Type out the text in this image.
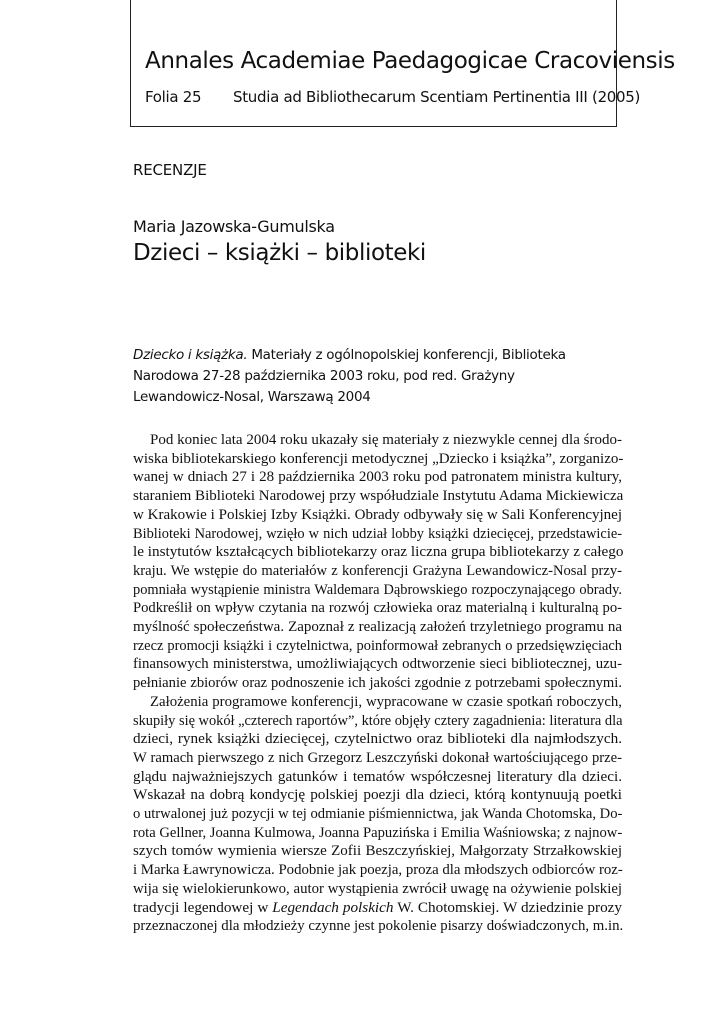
Annales Academiae Paedagogicae Cracoviensis
Folia 25 Studia ad Bibliothecarum Scentiam Pertinentia III (2005)
RECENZJE
Maria Jazowska-Gumulska
Dzieci – książki – biblioteki
Dziecko i książka. Materiały z ogólnopolskiej konferencji, Biblioteka Narodowa 27-28 października 2003 roku, pod red. Grażyny Lewandowicz-Nosal, Warszawą 2004
Pod koniec lata 2004 roku ukazały się materiały z niezwykle cennej dla środo-
wiska bibliotekarskiego konferencji metodycznej „Dziecko i książka”, zorganizo-
wanej w dniach 27 i 28 października 2003 roku pod patronatem ministra kultury,
staraniem Biblioteki Narodowej przy współudziale Instytutu Adama Mickiewicza
w Krakowie i Polskiej Izby Książki. Obrady odbywały się w Sali Konferencyjnej
Biblioteki Narodowej, wzięło w nich udział lobby książki dziecięcej, przedstawicie-
le instytutów kształcących bibliotekarzy oraz liczna grupa bibliotekarzy z całego
kraju. We wstępie do materiałów z konferencji Grażyna Lewandowicz-Nosal przy-
pomniała wystąpienie ministra Waldemara Dąbrowskiego rozpoczynającego obrady.
Podkreślił on wpływ czytania na rozwój człowieka oraz materialną i kulturalną po-
myślność społeczeństwa. Zapoznał z realizacją założeń trzyletniego programu na
rzecz promocji książki i czytelnictwa, poinformował zebranych o przedsięwzięciach
finansowych ministerstwa, umożliwiających odtworzenie sieci bibliotecznej, uzu-
pełnianie zbiorów oraz podnoszenie ich jakości zgodnie z potrzebami społecznymi.
Założenia programowe konferencji, wypracowane w czasie spotkań roboczych,
skupiły się wokół „czterech raportów”, które objęły cztery zagadnienia: literatura dla
dzieci, rynek książki dziecięcej, czytelnictwo oraz biblioteki dla najmłodszych.
W ramach pierwszego z nich Grzegorz Leszczyński dokonał wartościującego prze-
glądu najważniejszych gatunków i tematów współczesnej literatury dla dzieci.
Wskazał na dobrą kondycję polskiej poezji dla dzieci, którą kontynuują poetki
o utrwalonej już pozycji w tej odmianie piśmiennictwa, jak Wanda Chotomska, Do-
rota Gellner, Joanna Kulmowa, Joanna Papuzińska i Emilia Waśniowska; z najnow-
szych tomów wymienia wiersze Zofii Beszczyńskiej, Małgorzaty Strzałkowskiej
i Marka Ławrynowicza. Podobnie jak poezja, proza dla młodszych odbiorców roz-
wija się wielokierunkowo, autor wystąpienia zwrócił uwagę na ożywienie polskiej
tradycji legendowej w Legendach polskich W. Chotomskiej. W dziedzinie prozy
przeznaczonej dla młodzieży czynne jest pokolenie pisarzy doświadczonych, m.in.
